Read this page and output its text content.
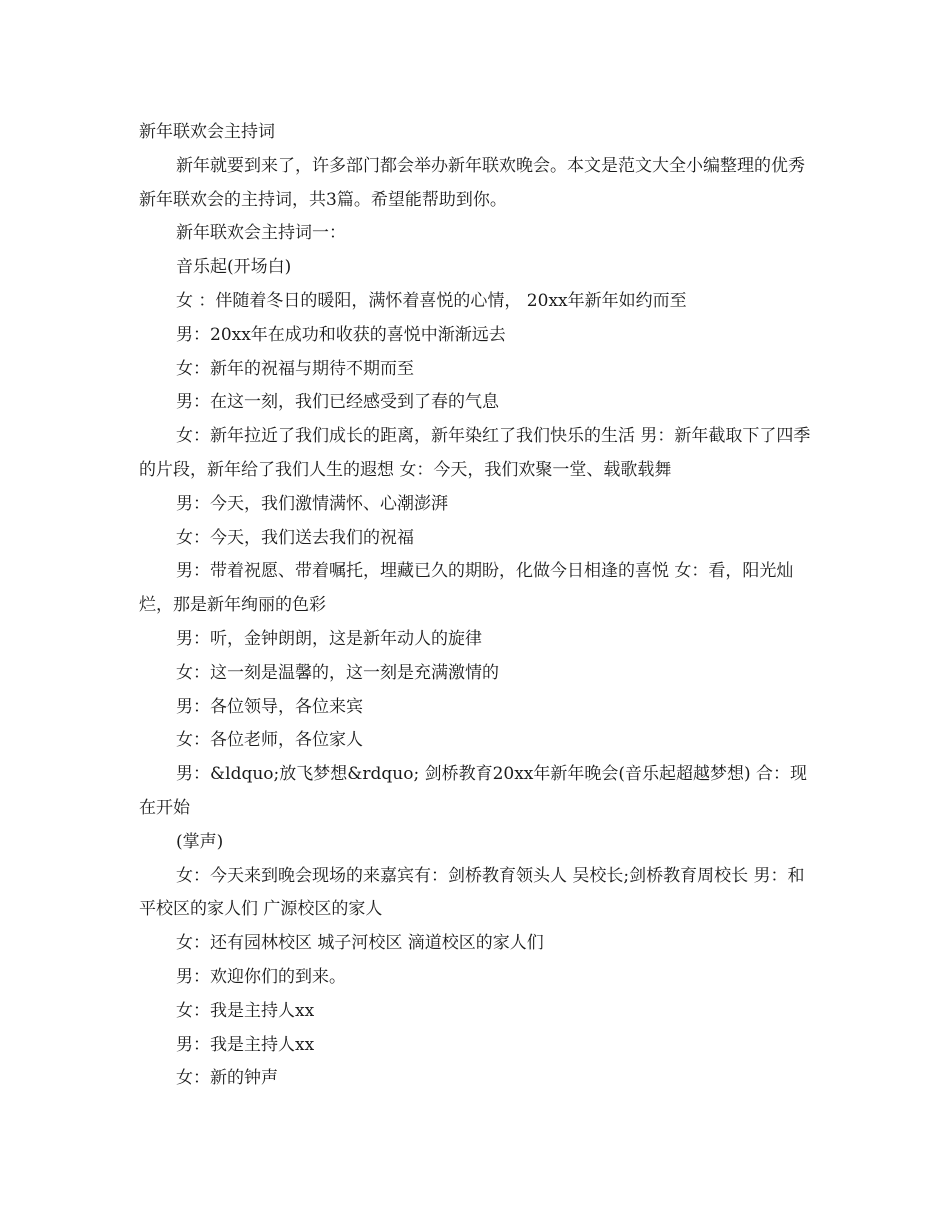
新年联欢会主持词

新年就要到来了，许多部门都会举办新年联欢晚会。本文是范文大全小编整理的优秀新年联欢会的主持词，共3篇。希望能帮助到你。

新年联欢会主持词一：

音乐起(开场白)

女 ：伴随着冬日的暖阳，满怀着喜悦的心情， 20xx年新年如约而至

男：20xx年在成功和收获的喜悦中渐渐远去

女：新年的祝福与期待不期而至

男：在这一刻，我们已经感受到了春的气息

女：新年拉近了我们成长的距离，新年染红了我们快乐的生活 男：新年截取下了四季的片段，新年给了我们人生的遐想 女：今天，我们欢聚一堂、载歌载舞

男：今天，我们激情满怀、心潮澎湃

女：今天，我们送去我们的祝福

男：带着祝愿、带着嘱托，埋藏已久的期盼，化做今日相逢的喜悦 女：看，阳光灿烂，那是新年绚丽的色彩

男：听，金钟朗朗，这是新年动人的旋律

女：这一刻是温馨的，这一刻是充满激情的

男：各位领导，各位来宾

女：各位老师，各位家人

男：&ldquo;放飞梦想&rdquo; 剑桥教育20xx年新年晚会(音乐起超越梦想) 合：现在开始

(掌声)

女：今天来到晚会现场的来嘉宾有：剑桥教育领头人 吴校长;剑桥教育周校长 男：和平校区的家人们 广源校区的家人

女：还有园林校区 城子河校区 滴道校区的家人们

男：欢迎你们的到来。

女：我是主持人xx

男：我是主持人xx

女：新的钟声
